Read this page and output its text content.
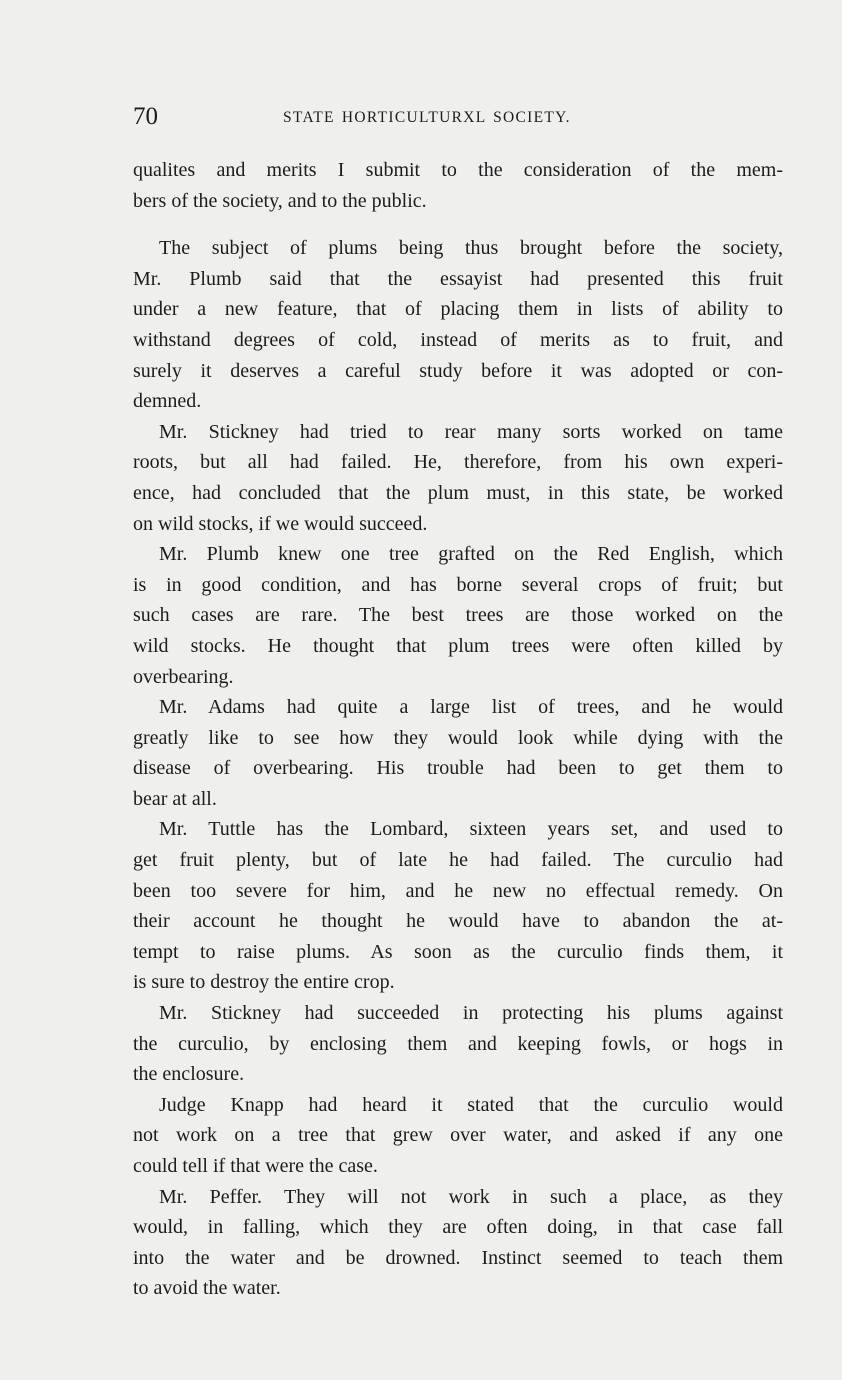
70	STATE HORTICULTURXL SOCIETY.

qualites and merits I submit to the consideration of the mem-

bers of the society, and to the public.

The subject of plums being thus brought before the society,

Mr. Plumb said that the essayist had presented this fruit

under a new feature, that of placing them in lists of ability to

withstand degrees of cold, instead of merits as to fruit, and

surely it deserves a careful study before it was adopted or con-

demned.

Mr. Stickney had tried to rear many sorts worked on tame

roots, but all had failed. He, therefore, from his own experi-

ence, had concluded that the plum must, in this state, be worked

on wild stocks, if we would succeed.

Mr. Plumb knew one tree grafted on the Red English, which

is in good condition, and has borne several crops of fruit; but

such cases are rare. The best trees are those worked on the

wild stocks. He thought that plum trees were often killed by

overbearing.

Mr. Adams had quite a large list of trees, and he would

greatly like to see how they would look while dying with the

disease of overbearing. His trouble had been to get them to

bear at all.

Mr. Tuttle has the Lombard, sixteen years set, and used to

get fruit plenty, but of late he had failed. The curculio had

been too severe for him, and he new no effectual remedy. On

their account he thought he would have to abandon the at-

tempt to raise plums. As soon as the curculio finds them, it

is sure to destroy the entire crop.

Mr. Stickney had succeeded in protecting his plums against

the curculio, by enclosing them and keeping fowls, or hogs in

the enclosure.

Judge Knapp had heard it stated that the curculio would

not work on a tree that grew over water, and asked if any one

could tell if that were the case.

Mr. Peffer. They will not work in such a place, as they

would, in falling, which they are often doing, in that case fall

into the water and be drowned. Instinct seemed to teach them

to avoid the water.
